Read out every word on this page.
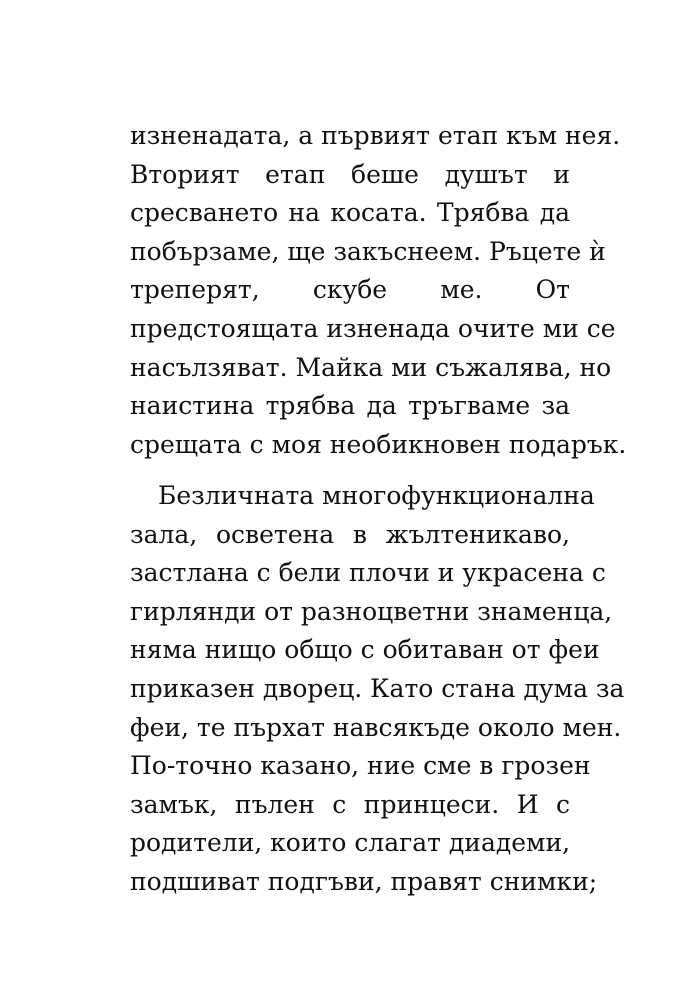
изненадата, а първият етап към нея.
Вторият етап беше душът и
сресването на косата. Трябва да
побързаме, ще закъснеем. Ръцете ѝ
треперят, скубе ме. От
предстоящата изненада очите ми се
насълзяват. Майка ми съжалява, но
наистина трябва да тръгваме за
срещата с моя необикновен подарък.
Безличната многофункционална
зала, осветена в жълтеникаво,
застлана с бели плочи и украсена с
гирлянди от разноцветни знаменца,
няма нищо общо с обитаван от феи
приказен дворец. Като стана дума за
феи, те пърхат навсякъде около мен.
По-точно казано, ние сме в грозен
замък, пълен с принцеси. И с
родители, които слагат диадеми,
подшиват подгъви, правят снимки;
